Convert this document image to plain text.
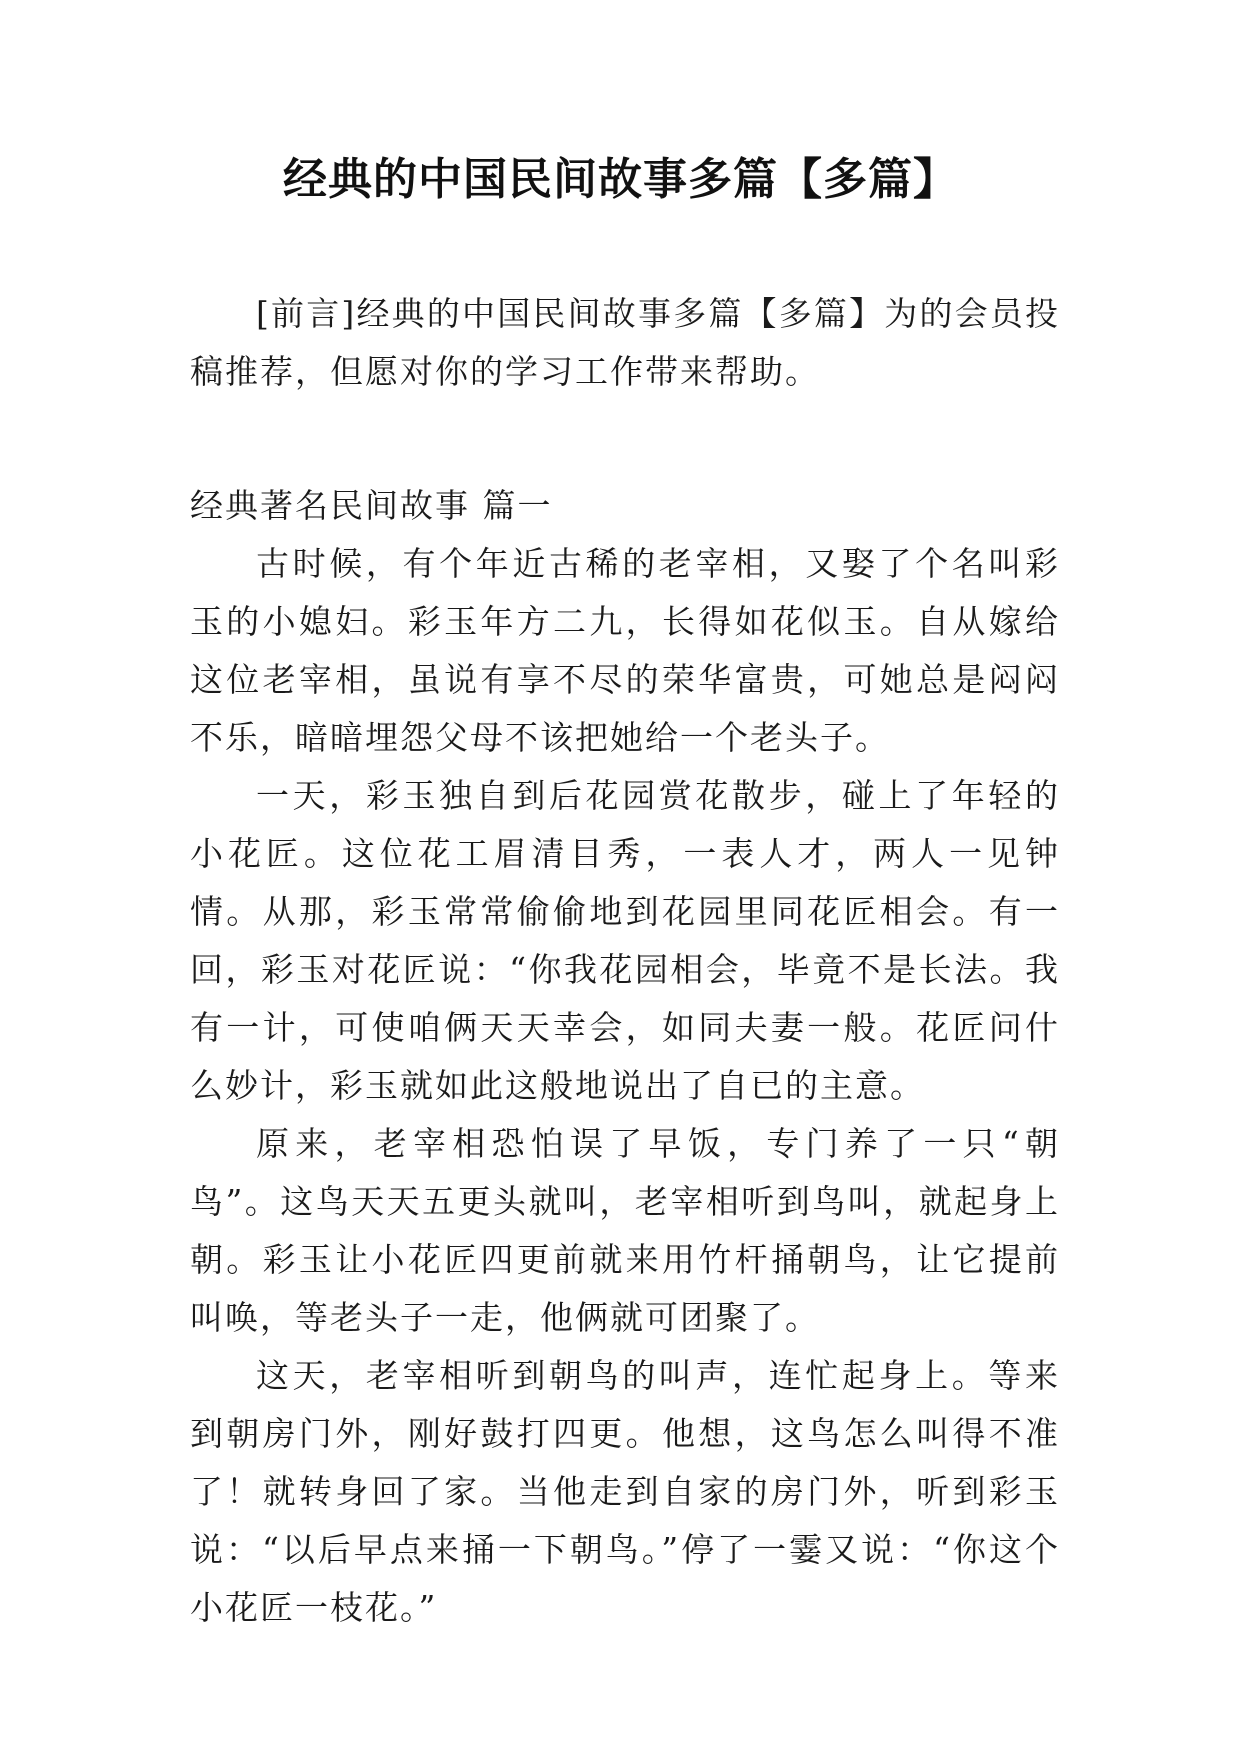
经典的中国民间故事多篇【多篇】

[前言]经典的中国民间故事多篇【多篇】为的会员投稿推荐，但愿对你的学习工作带来帮助。

经典著名民间故事 篇一

古时候，有个年近古稀的老宰相，又娶了个名叫彩玉的小媳妇。彩玉年方二九，长得如花似玉。自从嫁给这位老宰相，虽说有享不尽的荣华富贵，可她总是闷闷不乐，暗暗埋怨父母不该把她给一个老头子。

一天，彩玉独自到后花园赏花散步，碰上了年轻的小花匠。这位花工眉清目秀，一表人才，两人一见钟情。从那，彩玉常常偷偷地到花园里同花匠相会。有一回，彩玉对花匠说：“你我花园相会，毕竟不是长法。我有一计，可使咱俩天天幸会，如同夫妻一般。花匠问什么妙计，彩玉就如此这般地说出了自已的主意。

原来，老宰相恐怕误了早饭，专门养了一只“朝鸟”。这鸟天天五更头就叫，老宰相听到鸟叫，就起身上朝。彩玉让小花匠四更前就来用竹杆捅朝鸟，让它提前叫唤，等老头子一走，他俩就可团聚了。

这天，老宰相听到朝鸟的叫声，连忙起身上。等来到朝房门外，刚好鼓打四更。他想，这鸟怎么叫得不准了！就转身回了家。当他走到自家的房门外，听到彩玉说：“以后早点来捅一下朝鸟。”停了一霎又说：“你这个小花匠一枝花。”
